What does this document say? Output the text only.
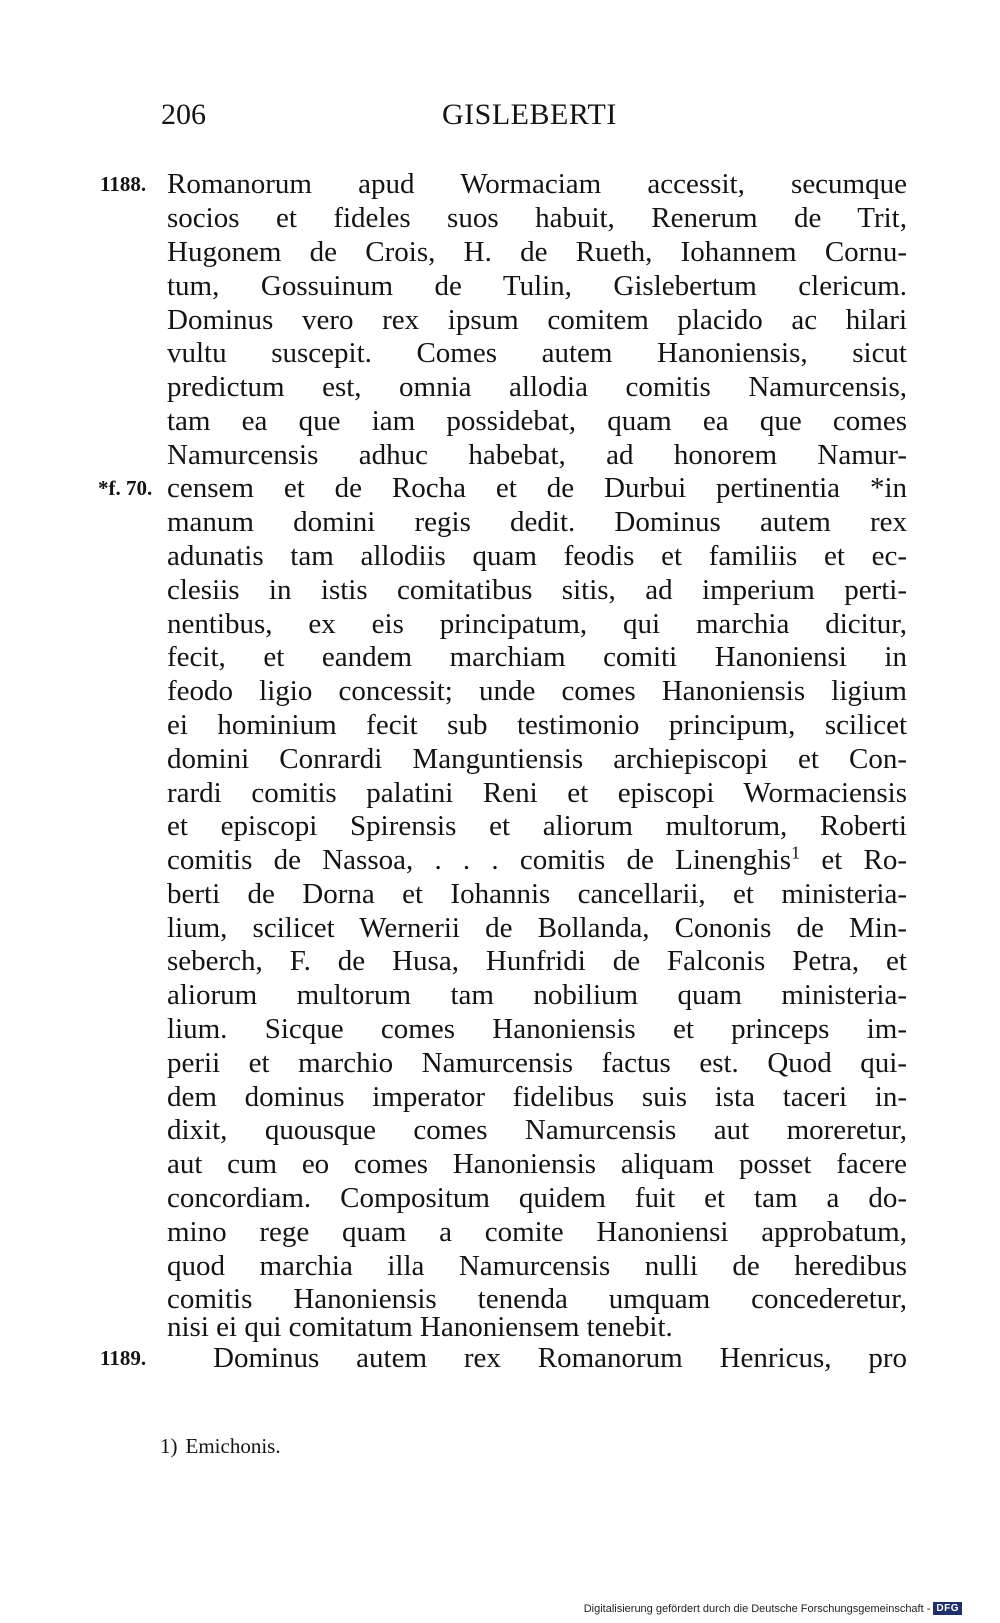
206	GISLEBERTI
1188.
*f. 70.
1189.
Romanorum apud Wormaciam accessit, secumque
socios et fideles suos habuit, Renerum de Trit,
Hugonem de Crois, H. de Rueth, Iohannem Cornu-
tum, Gossuinum de Tulin, Gislebertum clericum.
Dominus vero rex ipsum comitem placido ac hilari
vultu suscepit. Comes autem Hanoniensis, sicut
predictum est, omnia allodia comitis Namurcensis,
tam ea que iam possidebat, quam ea que comes
Namurcensis adhuc habebat, ad honorem Namur-
censem et de Rocha et de Durbui pertinentia *in
manum domini regis dedit. Dominus autem rex
adunatis tam allodiis quam feodis et familiis et ec-
clesiis in istis comitatibus sitis, ad imperium perti-
nentibus, ex eis principatum, qui marchia dicitur,
fecit, et eandem marchiam comiti Hanoniensi in
feodo ligio concessit; unde comes Hanoniensis ligium
ei hominium fecit sub testimonio principum, scilicet
domini Conrardi Manguntiensis archiepiscopi et Con-
rardi comitis palatini Reni et episcopi Wormaciensis
et episcopi Spirensis et aliorum multorum, Roberti
comitis de Nassoa, . . . comitis de Linenghis$^1$ et Ro-
berti de Dorna et Iohannis cancellarii, et ministeria-
lium, scilicet Wernerii de Bollanda, Cononis de Min-
seberch, F. de Husa, Hunfridi de Falconis Petra, et
aliorum multorum tam nobilium quam ministeria-
lium. Sicque comes Hanoniensis et princeps im-
perii et marchio Namurcensis factus est. Quod qui-
dem dominus imperator fidelibus suis ista taceri in-
dixit, quousque comes Namurcensis aut moreretur,
aut cum eo comes Hanoniensis aliquam posset facere
concordiam. Compositum quidem fuit et tam a do-
mino rege quam a comite Hanoniensi approbatum,
quod marchia illa Namurcensis nulli de heredibus
comitis Hanoniensis tenenda umquam concederetur,
nisi ei qui comitatum Hanoniensem tenebit.
Dominus autem rex Romanorum Henricus, pro
1) Emichonis.
Digitalisierung gefördert durch die Deutsche Forschungsgemeinschaft - DFG
